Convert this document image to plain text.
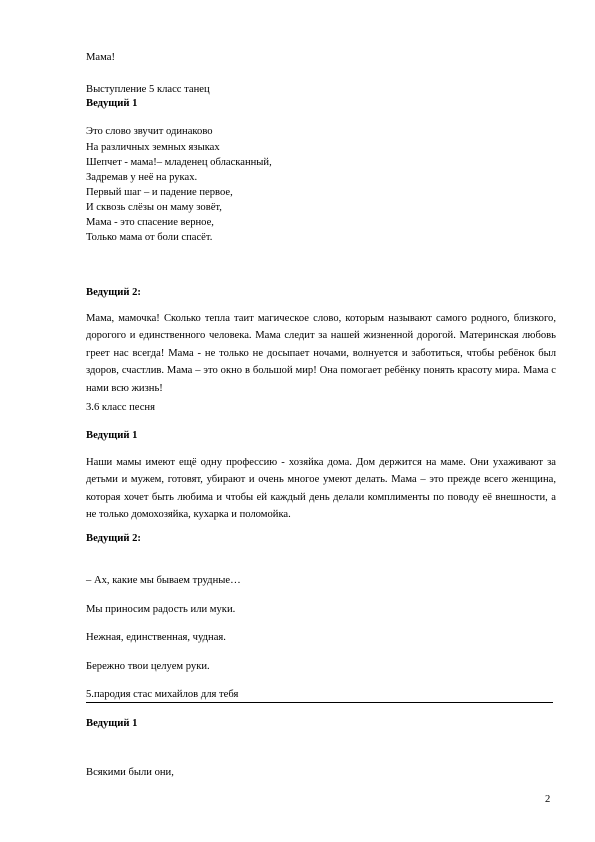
Мама!
Выступление 5 класс танец
Ведущий 1
Это слово звучит одинаково
На различных земных языках
Шепчет - мама!– младенец обласканный,
Задремав у неё на руках.
Первый шаг – и падение первое,
И сквозь слёзы он маму зовёт,
Мама - это спасение верное,
Только мама от боли спасёт.
Ведущий 2:
Мама, мамочка! Сколько тепла таит магическое слово, которым называют самого родного, близкого, дорогого и единственного человека. Мама следит за нашей жизненной дорогой. Материнская любовь греет нас всегда! Мама - не только не досыпает ночами, волнуется и заботиться, чтобы ребёнок был здоров, счастлив. Мама – это окно в большой мир! Она помогает ребёнку понять красоту мира. Мама с нами всю жизнь!
3.6 класс песня
Ведущий 1
Наши мамы имеют ещё одну профессию - хозяйка дома. Дом держится на маме. Они ухаживают за детьми и мужем, готовят, убирают и очень многое умеют делать. Мама – это прежде всего женщина, которая хочет быть любима и чтобы ей каждый день делали комплименты по поводу её внешности, а не только домохозяйка, кухарка и поломойка.
Ведущий 2:
– Ах, какие мы бываем трудные…
Мы приносим радость или муки.
Нежная, единственная, чудная.
Бережно твои целуем руки.
5.пародия стас михайлов для тебя
Ведущий 1
Всякими были они,
2
